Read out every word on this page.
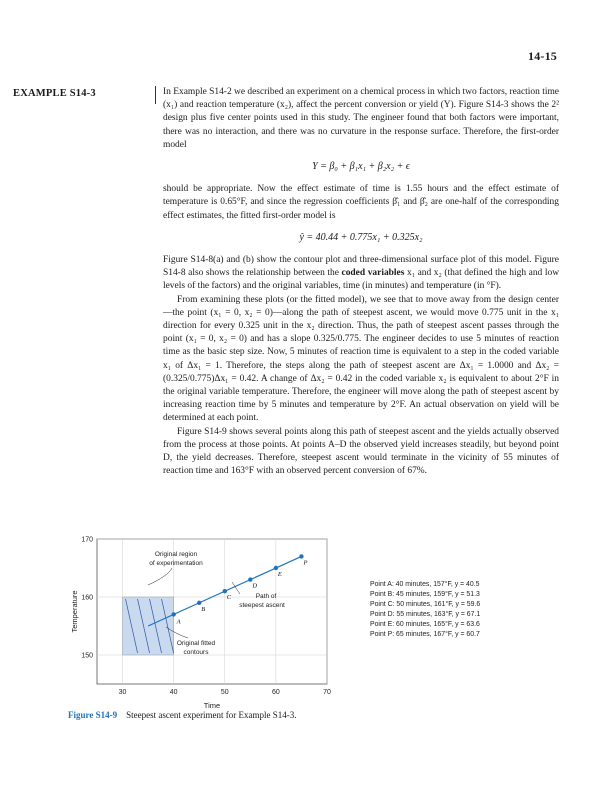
14-15
EXAMPLE S14-3	In Example S14-2 we described an experiment on a chemical process in which two factors, reaction time (x₁) and reaction temperature (x₂), affect the percent conversion or yield (Y). Figure S14-3 shows the 2² design plus five center points used in this study. The engineer found that both factors were important, there was no interaction, and there was no curvature in the response surface. Therefore, the first-order model

Y = β₀ + β₁x₁ + β₂x₂ + ϵ

should be appropriate. Now the effect estimate of time is 1.55 hours and the effect estimate of temperature is 0.65°F, and since the regression coefficients β̂₁ and β̂₂ are one-half of the corresponding effect estimates, the fitted first-order model is

ŷ = 40.44 + 0.775x₁ + 0.325x₂

Figure S14-8(a) and (b) show the contour plot and three-dimensional surface plot of this model. Figure S14-8 also shows the relationship between the coded variables x₁ and x₂ (that defined the high and low levels of the factors) and the original variables, time (in minutes) and temperature (in °F).

From examining these plots (or the fitted model), we see that to move away from the design center—the point (x₁ = 0, x₂ = 0)—along the path of steepest ascent, we would move 0.775 unit in the x₁ direction for every 0.325 unit in the x₂ direction. Thus, the path of steepest ascent passes through the point (x₁ = 0, x₂ = 0) and has a slope 0.325/0.775. The engineer decides to use 5 minutes of reaction time as the basic step size. Now, 5 minutes of reaction time is equivalent to a step in the coded variable x₁ of Δx₁ = 1. Therefore, the steps along the path of steepest ascent are Δx₁ = 1.0000 and Δx₂ = (0.325/0.775)Δx₁ = 0.42. A change of Δx₂ = 0.42 in the coded variable x₂ is equivalent to about 2°F in the original variable temperature. Therefore, the engineer will move along the path of steepest ascent by increasing reaction time by 5 minutes and temperature by 2°F. An actual observation on yield will be determined at each point.

Figure S14-9 shows several points along this path of steepest ascent and the yields actually observed from the process at those points. At points A–D the observed yield increases steadily, but beyond point D, the yield decreases. Therefore, steepest ascent would terminate in the vicinity of 55 minutes of reaction time and 163°F with an observed percent conversion of 67%.

30	40	50	60	70
150
160
170
Time
Temperature	A
B
C
D
E
P
Original region
of experimentation
Path of
steepest ascent
Original fitted
contours
Point A: 40 minutes, 157°F, y = 40.5
Point B: 45 minutes, 159°F, y = 51.3
Point C: 50 minutes, 161°F, y = 59.6
Point D: 55 minutes, 163°F, y = 67.1
Point E: 60 minutes, 165°F, y = 63.6
Point P: 65 minutes, 167°F, y = 60.7
Figure S14-9 Steepest ascent experiment for Example S14-3.
